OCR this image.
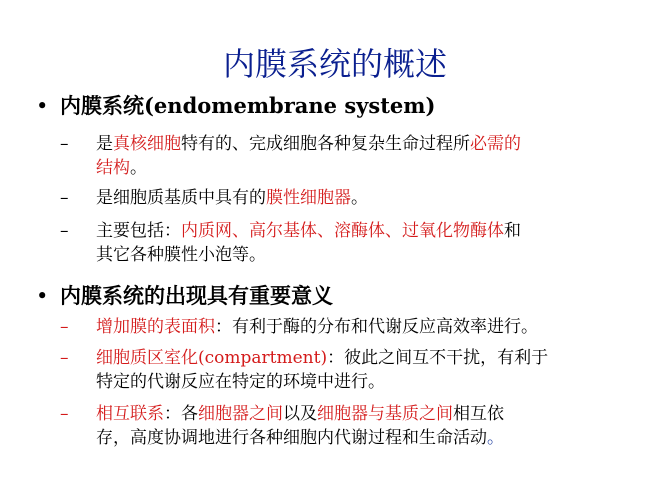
内膜系统的概述
• 内膜系统(endomembrane system)
– 是真核细胞特有的、完成细胞各种复杂生命过程所必需的
结构。
– 是细胞质基质中具有的膜性细胞器。
– 主要包括：内质网、高尔基体、溶酶体、过氧化物酶体和
其它各种膜性小泡等。
• 内膜系统的出现具有重要意义
– 增加膜的表面积：有利于酶的分布和代谢反应高效率进行。
– 细胞质区室化(compartment)：彼此之间互不干扰，有利于
特定的代谢反应在特定的环境中进行。
– 相互联系：各细胞器之间以及细胞器与基质之间相互依
存，高度协调地进行各种细胞内代谢过程和生命活动。
